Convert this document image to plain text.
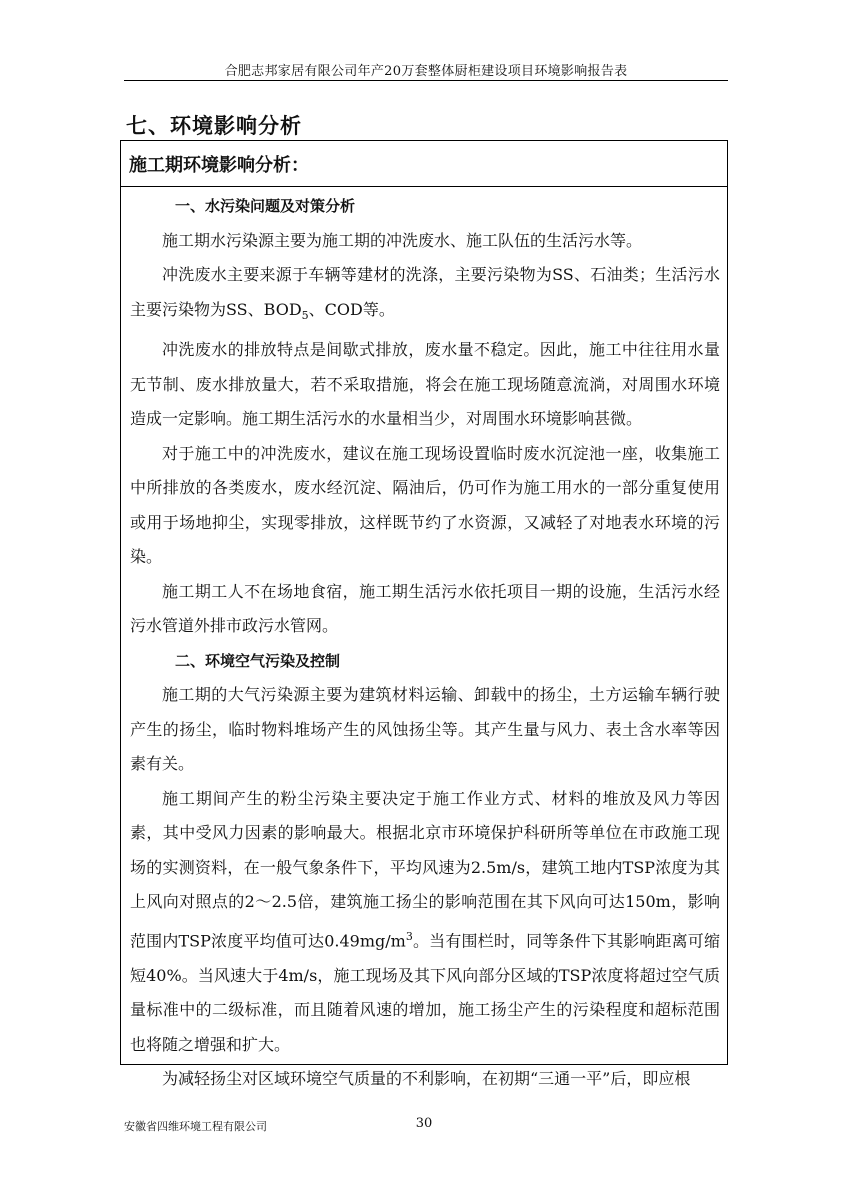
合肥志邦家居有限公司年产20万套整体厨柜建设项目环境影响报告表
七、环境影响分析
施工期环境影响分析：
一、水污染问题及对策分析

施工期水污染源主要为施工期的冲洗废水、施工队伍的生活污水等。

冲洗废水主要来源于车辆等建材的洗涤，主要污染物为SS、石油类；生活污水主要污染物为SS、$BOD_5$、COD等。

冲洗废水的排放特点是间歇式排放，废水量不稳定。因此，施工中往往用水量无节制、废水排放量大，若不采取措施，将会在施工现场随意流淌，对周围水环境造成一定影响。施工期生活污水的水量相当少，对周围水环境影响甚微。

对于施工中的冲洗废水，建议在施工现场设置临时废水沉淀池一座，收集施工中所排放的各类废水，废水经沉淀、隔油后，仍可作为施工用水的一部分重复使用或用于场地抑尘，实现零排放，这样既节约了水资源，又减轻了对地表水环境的污染。

施工期工人不在场地食宿，施工期生活污水依托项目一期的设施，生活污水经污水管道外排市政污水管网。

二、环境空气污染及控制

施工期的大气污染源主要为建筑材料运输、卸载中的扬尘，土方运输车辆行驶产生的扬尘，临时物料堆场产生的风蚀扬尘等。其产生量与风力、表土含水率等因素有关。

施工期间产生的粉尘污染主要决定于施工作业方式、材料的堆放及风力等因素，其中受风力因素的影响最大。根据北京市环境保护科研所等单位在市政施工现场的实测资料，在一般气象条件下，平均风速为2.5m/s，建筑工地内TSP浓度为其上风向对照点的2～2.5倍，建筑施工扬尘的影响范围在其下风向可达150m，影响范围内TSP浓度平均值可达$0.49mg/m^3$。当有围栏时，同等条件下其影响距离可缩短40%。当风速大于4m/s，施工现场及其下风向部分区域的TSP浓度将超过空气质量标准中的二级标准，而且随着风速的增加，施工扬尘产生的污染程度和超标范围也将随之增强和扩大。

为减轻扬尘对区域环境空气质量的不利影响，在初期“三通一平”后，即应根

安徽省四维环境工程有限公司	30
